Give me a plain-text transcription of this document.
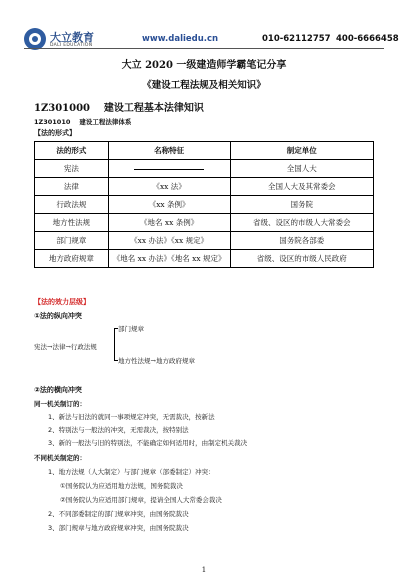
大立教育
DALI EDUCATION
www.daliedu.cn	010-62112757 400-6666458
大立 2020 一级建造师学霸笔记分享
《建设工程法规及相关知识》
1Z301000    建设工程基本法律知识
1Z301010    建设工程法律体系
【法的形式】
法的形式	名称特征	制定单位
宪法		全国人大
法律	《xx 法》	全国人大及其常委会
行政法规	《xx 条例》	国务院
地方性法规	《地名 xx 条例》	省级、设区的市级人大常委会
部门规章	《xx 办法》《xx 规定》	国务院各部委
地方政府规章	《地名 xx 办法》《地名 xx 规定》	省级、设区的市级人民政府
【法的效力层级】
①法的纵向冲突
宪法→法律→行政法规
部门规章
地方性法规→地方政府规章
②法的横向冲突
同一机关制订的：
1、新法与旧法的就同一事项规定冲突，无需裁决，按新法
2、特别法与一般法的冲突，无需裁决，按特别法
3、新的一般法与旧的特别法，不能确定如何适用时，由制定机关裁决
不同机关制定的：
1、地方法规（人大制定）与部门规章（部委制定）冲突：
①国务院认为应适用地方法规，国务院裁决
②国务院认为应适用部门规章，提请全国人大常委会裁决
2、不同部委制定的部门规章冲突，由国务院裁决
3、部门规章与地方政府规章冲突，由国务院裁决
1
